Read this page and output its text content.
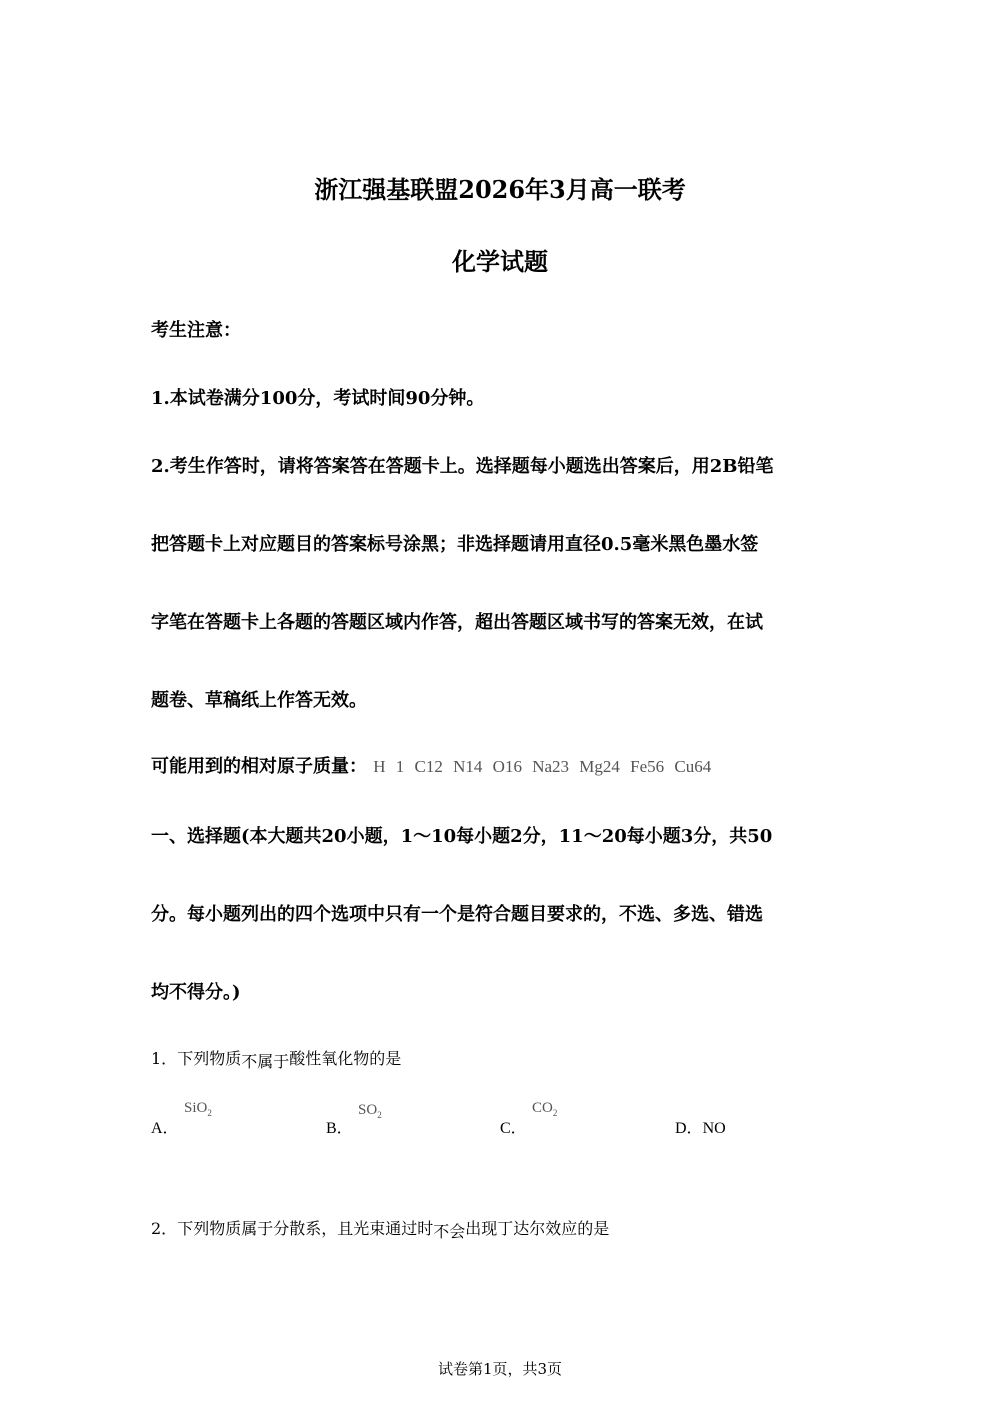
浙江强基联盟2026年3月高一联考
化学试题
考生注意：
1.本试卷满分100分，考试时间90分钟。
2.考生作答时，请将答案答在答题卡上。选择题每小题选出答案后，用2B铅笔
把答题卡上对应题目的答案标号涂黑；非选择题请用直径0.5毫米黑色墨水签
字笔在答题卡上各题的答题区域内作答，超出答题区域书写的答案无效，在试
题卷、草稿纸上作答无效。
可能用到的相对原子质量： H 1 C12 N14 O16 Na23 Mg24 Fe56 Cu64
一、选择题(本大题共20小题，1～10每小题2分，11～20每小题3分，共50
分。每小题列出的四个选项中只有一个是符合题目要求的，不选、多选、错选
均不得分。)
1．下列物质不属于酸性氧化物的是
A．
SiO$_2$
B．
$SO_2$
C．
$CO_2$
D．NO
2．下列物质属于分散系，且光束通过时不会出现丁达尔效应的是
试卷第1页，共3页
